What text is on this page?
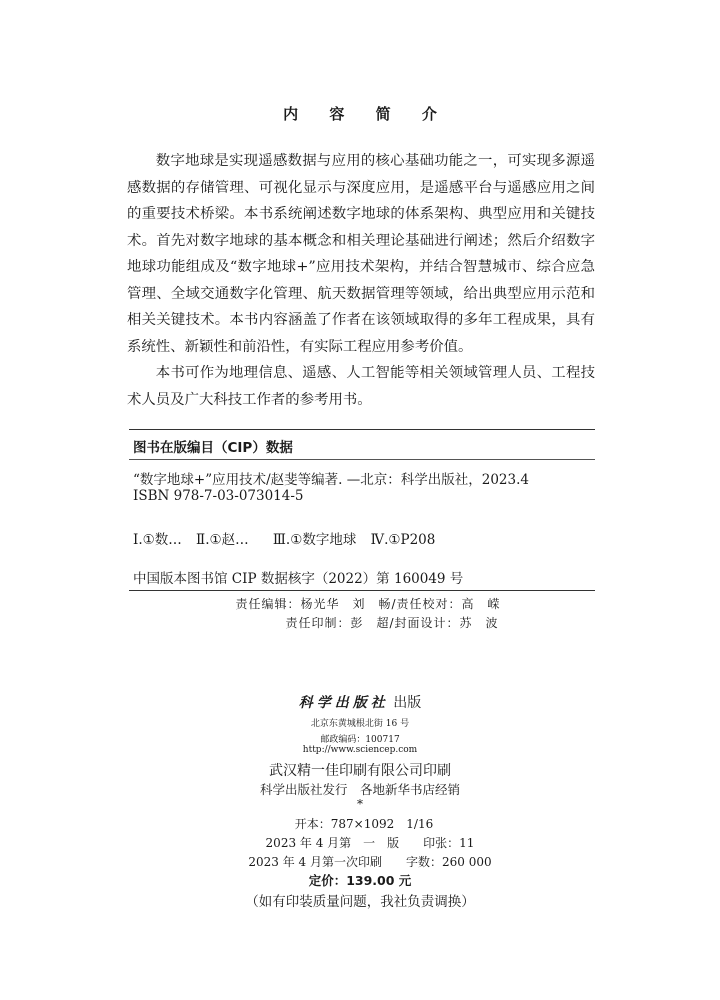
内 容 简 介

数字地球是实现遥感数据与应用的核心基础功能之一，可实现多源遥感数据的存储管理、可视化显示与深度应用，是遥感平台与遥感应用之间的重要技术桥梁。本书系统阐述数字地球的体系架构、典型应用和关键技术。首先对数字地球的基本概念和相关理论基础进行阐述；然后介绍数字地球功能组成及“数字地球+”应用技术架构，并结合智慧城市、综合应急管理、全域交通数字化管理、航天数据管理等领域，给出典型应用示范和相关关键技术。本书内容涵盖了作者在该领域取得的多年工程成果，具有系统性、新颖性和前沿性，有实际工程应用参考价值。

本书可作为地理信息、遥感、人工智能等相关领域管理人员、工程技术人员及广大科技工作者的参考用书。

图书在版编目（CIP）数据
“数字地球+”应用技术/赵斐等编著. —北京：科学出版社，2023.4
ISBN 978-7-03-073014-5
Ⅰ.①数… Ⅱ.①赵… Ⅲ.①数字地球 Ⅳ.①P208
中国版本图书馆 CIP 数据核字（2022）第 160049 号
责任编辑：杨光华　刘　畅/责任校对：高　嵘
责任印制：彭　超/封面设计：苏　波
科学出版社 出版
北京东黄城根北街 16 号
邮政编码：100717
http://www.sciencep.com
武汉精一佳印刷有限公司印刷
科学出版社发行　各地新华书店经销
*
开本：787×1092　1/16
2023 年 4 月第　一　版　　印张：11
2023 年 4 月第一次印刷　　字数：260 000
定价：139.00 元
（如有印装质量问题，我社负责调换）
